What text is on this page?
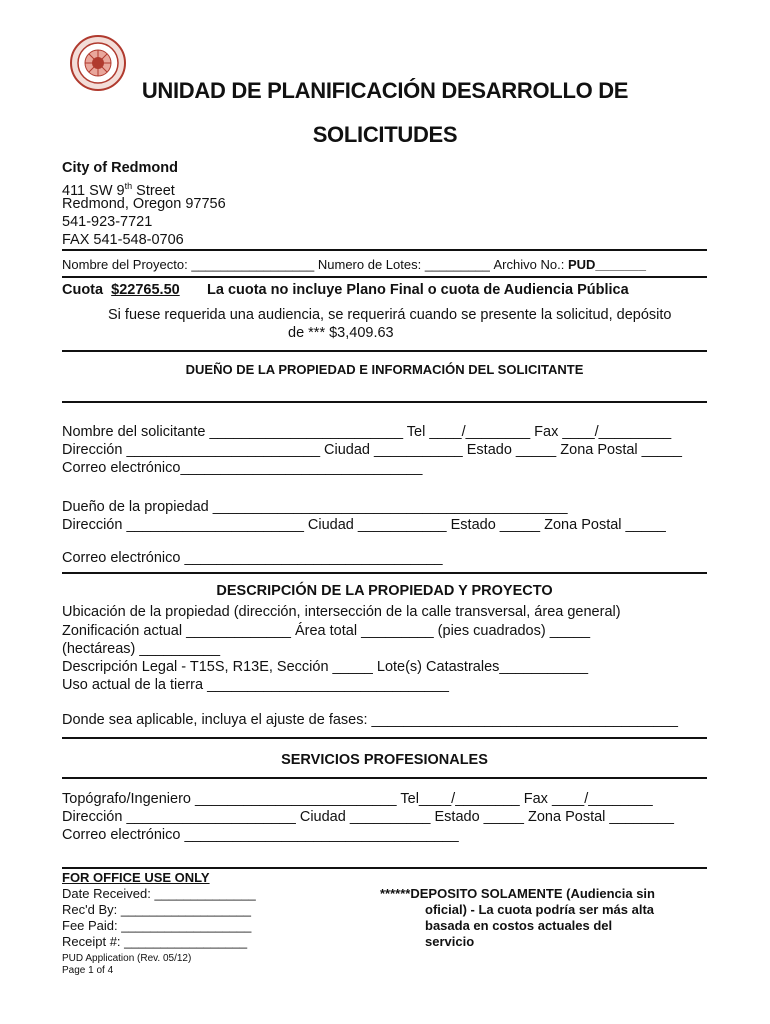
UNIDAD DE PLANIFICACIÓN DESARROLLO DE
SOLICITUDES
City of Redmond
411 SW 9th Street
Redmond, Oregon 97756
541-923-7721
FAX 541-548-0706
Nombre del Proyecto: _________________ Numero de Lotes: _________ Archivo No.: PUD_______
Cuota $22765.50 La cuota no incluye Plano Final o cuota de Audiencia Pública
Si fuese requerida una audiencia, se requerirá cuando se presente la solicitud, depósito
de *** $3,409.63
DUEÑO DE LA PROPIEDAD E INFORMACIÓN DEL SOLICITANTE
Nombre del solicitante ________________________ Tel ____/________ Fax ____/_________
Dirección ________________________ Ciudad ___________ Estado _____ Zona Postal _____
Correo electrónico______________________________
Dueño de la propiedad ____________________________________________
Dirección ______________________ Ciudad ___________ Estado _____ Zona Postal _____
Correo electrónico ________________________________
DESCRIPCIÓN DE LA PROPIEDAD Y PROYECTO
Ubicación de la propiedad (dirección, intersección de la calle transversal, área general)
Zonificación actual _____________ Área total _________ (pies cuadrados) _____
(hectáreas) __________
Descripción Legal - T15S, R13E, Sección _____ Lote(s) Catastrales___________
Uso actual de la tierra ______________________________
Donde sea aplicable, incluya el ajuste de fases: ______________________________________
SERVICIOS PROFESIONALES
Topógrafo/Ingeniero _________________________ Tel____/________ Fax ____/________
Dirección _____________________ Ciudad __________ Estado _____ Zona Postal ________
Correo electrónico __________________________________
FOR OFFICE USE ONLY
Date Received: ______________
Rec'd By: __________________
Fee Paid: __________________
Receipt #: _________________
******DEPOSITO SOLAMENTE (Audiencia sin
oficial) - La cuota podría ser más alta
basada en costos actuales del
servicio
PUD Application (Rev. 05/12)
Page 1 of 4
